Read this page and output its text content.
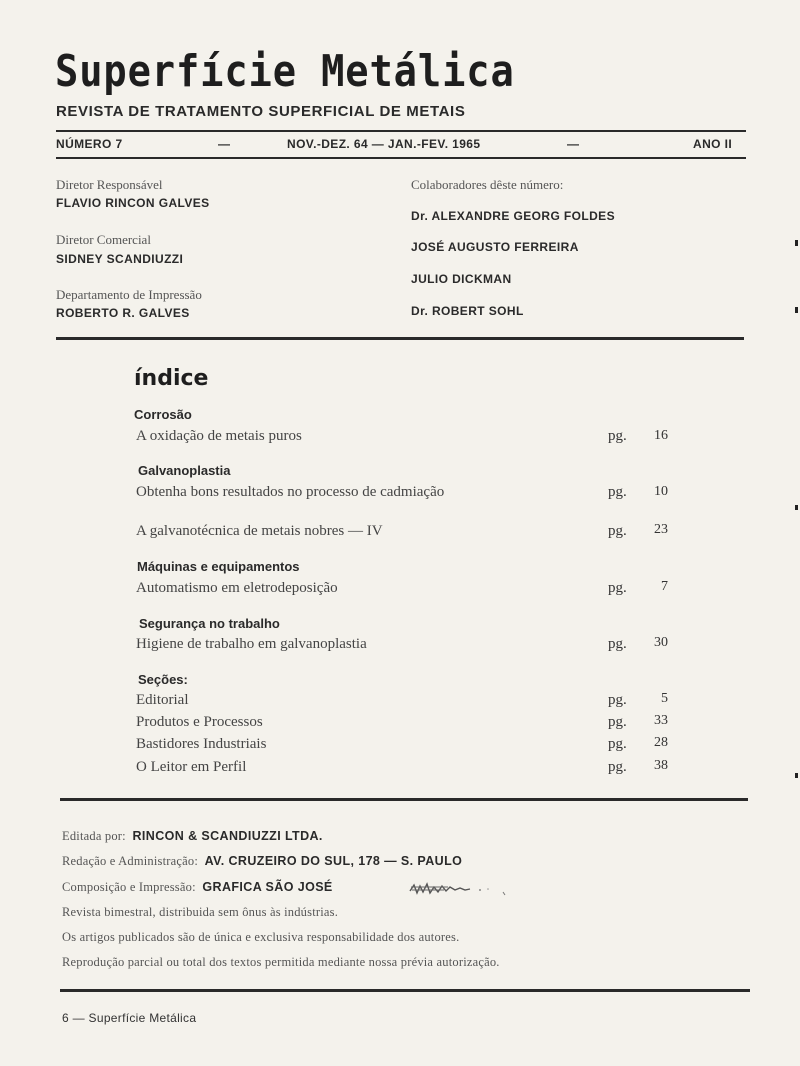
Superfície Metálica
REVISTA DE TRATAMENTO SUPERFICIAL DE METAIS
NÚMERO 7	—	NOV.-DEZ. 64 — JAN.-FEV. 1965	—	ANO II
Diretor Responsável
FLAVIO RINCON GALVES
Diretor Comercial
SIDNEY SCANDIUZZI
Departamento de Impressão
ROBERTO R. GALVES
Colaboradores dêste número:
Dr. ALEXANDRE GEORG FOLDES
JOSÉ AUGUSTO FERREIRA
JULIO DICKMAN
Dr. ROBERT SOHL
índice
Corrosão
A oxidação de metais puros	pg.	16
Galvanoplastia
Obtenha bons resultados no processo de cadmiação	pg.	10
A galvanotécnica de metais nobres — IV	pg.	23
Máquinas e equipamentos
Automatismo em eletrodeposição	pg.	7
Segurança no trabalho
Higiene de trabalho em galvanoplastia	pg.	30
Seções:
Editorial	pg.	5
Produtos e Processos	pg.	33
Bastidores Industriais	pg.	28
O Leitor em Perfil	pg.	38
Editada por: RINCON & SCANDIUZZI LTDA.
Redação e Administração: AV. CRUZEIRO DO SUL, 178 — S. PAULO
Composição e Impressão: GRAFICA SÃO JOSÉ
Revista bimestral, distribuida sem ônus às indústrias.
Os artigos publicados são de única e exclusiva responsabilidade dos autores.
Reprodução parcial ou total dos textos permitida mediante nossa prévia autorização.
6 — Superfície Metálica
